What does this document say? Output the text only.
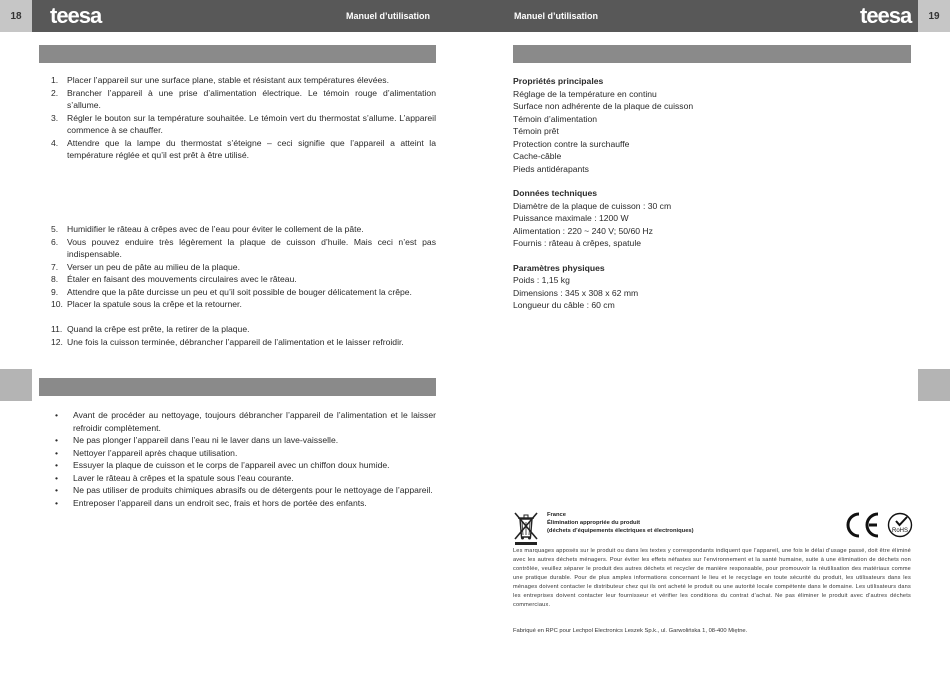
18	19
teesa	teesa
Manuel d’utilisation	Manuel d’utilisation
1. Placer l’appareil sur une surface plane, stable et résistant aux températures élevées.
2. Brancher l’appareil à une prise d’alimentation électrique. Le témoin rouge d’alimentation s’allume.
3. Régler le bouton sur la température souhaitée. Le témoin vert du thermostat s’allume. L’appareil commence à se chauffer.
4. Attendre que la lampe du thermostat s’éteigne – ceci signifie que l’appareil a atteint la température réglée et qu’il est prêt à être utilisé.
5. Humidifier le râteau à crêpes avec de l’eau pour éviter le collement de la pâte.
6. Vous pouvez enduire très légèrement la plaque de cuisson d’huile. Mais ceci n’est pas indispensable.
7. Verser un peu de pâte au milieu de la plaque.
8. Étaler en faisant des mouvements circulaires avec le râteau.
9. Attendre que la pâte durcisse un peu et qu’il soit possible de bouger délicatement la crêpe.
10. Placer la spatule sous la crêpe et la retourner.
11. Quand la crêpe est prête, la retirer de la plaque.
12. Une fois la cuisson terminée, débrancher l’appareil de l’alimentation et le laisser refroidir.
• Avant de procéder au nettoyage, toujours débrancher l’appareil de l’alimentation et le laisser refroidir complètement.
• Ne pas plonger l’appareil dans l’eau ni le laver dans un lave-vaisselle.
• Nettoyer l’appareil après chaque utilisation.
• Essuyer la plaque de cuisson et le corps de l’appareil avec un chiffon doux humide.
• Laver le râteau à crêpes et la spatule sous l’eau courante.
• Ne pas utiliser de produits chimiques abrasifs ou de détergents pour le nettoyage de l’appareil.
• Entreposer l’appareil dans un endroit sec, frais et hors de portée des enfants.
Propriétés principales
Réglage de la température en continu
Surface non adhérente de la plaque de cuisson
Témoin d’alimentation
Témoin prêt
Protection contre la surchauffe
Cache-câble
Pieds antidérapants
Données techniques
Diamètre de la plaque de cuisson : 30 cm
Puissance maximale : 1200 W
Alimentation : 220 ~ 240 V; 50/60 Hz
Fournis : râteau à crêpes, spatule
Paramètres physiques
Poids : 1,15 kg
Dimensions : 345 x 308 x 62 mm
Longueur du câble : 60 cm
France
Élimination appropriée du produit
(déchets d’équipements électriques et électroniques)	RoHS
Les marquages apposés sur le produit ou dans les textes y correspondants indiquent que l’appareil, une fois le délai d’usage passé, doit être éliminé avec les autres déchets ménagers. Pour éviter les effets néfastes sur l’environnement et la santé humaine, suite à une élimination de déchets non contrôlée, veuillez séparer le produit des autres déchets et recycler de manière responsable, pour promouvoir la réutilisation des matériaux comme une pratique durable. Pour de plus amples informations concernant le lieu et le recyclage en toute sécurité du produit, les utilisateurs dans les ménages doivent contacter le distributeur chez qui ils ont acheté le produit ou une autorité locale compétente dans le domaine. Les utilisateurs dans les entreprises doivent contacter leur fournisseur et vérifier les conditions du contrat d’achat. Ne pas éliminer le produit avec d’autres déchets commerciaux.
Fabriqué en RPC pour Lechpol Electronics Leszek Sp.k., ul. Garwolińska 1, 08-400 Miętne.
